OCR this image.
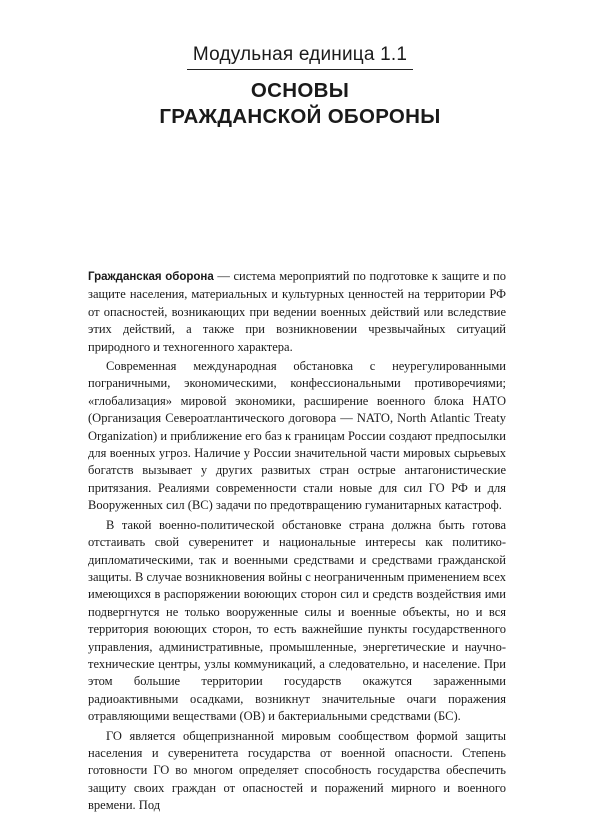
Модульная единица 1.1
ОСНОВЫ
ГРАЖДАНСКОЙ ОБОРОНЫ

Гражданская оборона — система мероприятий по подготовке к защите и по защите населения, материальных и культурных ценностей на территории РФ от опасностей, возникающих при ведении военных действий или вследствие этих действий, а также при возникновении чрезвычайных ситуаций природного и техногенного характера.

Современная международная обстановка с неурегулированными пограничными, экономическими, конфессиональными противоречиями; «глобализация» мировой экономики, расширение военного блока НАТО (Организация Североатлантического договора — NATO, North Atlantic Treaty Organization) и приближение его баз к границам России создают предпосылки для военных угроз. Наличие у России значительной части мировых сырьевых богатств вызывает у других развитых стран острые антагонистические притязания. Реалиями современности стали новые для сил ГО РФ и для Вооруженных сил (ВС) задачи по предотвращению гуманитарных катастроф.

В такой военно-политической обстановке страна должна быть готова отстаивать свой суверенитет и национальные интересы как политико-дипломатическими, так и военными средствами и средствами гражданской защиты. В случае возникновения войны с неограниченным применением всех имеющихся в распоряжении воюющих сторон сил и средств воздействия ими подвергнутся не только вооруженные силы и военные объекты, но и вся территория воюющих сторон, то есть важнейшие пункты государственного управления, административные, промышленные, энергетические и научно-технические центры, узлы коммуникаций, а следовательно, и население. При этом большие территории государств окажутся зараженными радиоактивными осадками, возникнут значительные очаги поражения отравляющими веществами (ОВ) и бактериальными средствами (БС).

ГО является общепризнанной мировым сообществом формой защиты населения и суверенитета государства от военной опасности. Степень готовности ГО во многом определяет способность государства обеспечить защиту своих граждан от опасностей и поражений мирного и военного времени. Под
